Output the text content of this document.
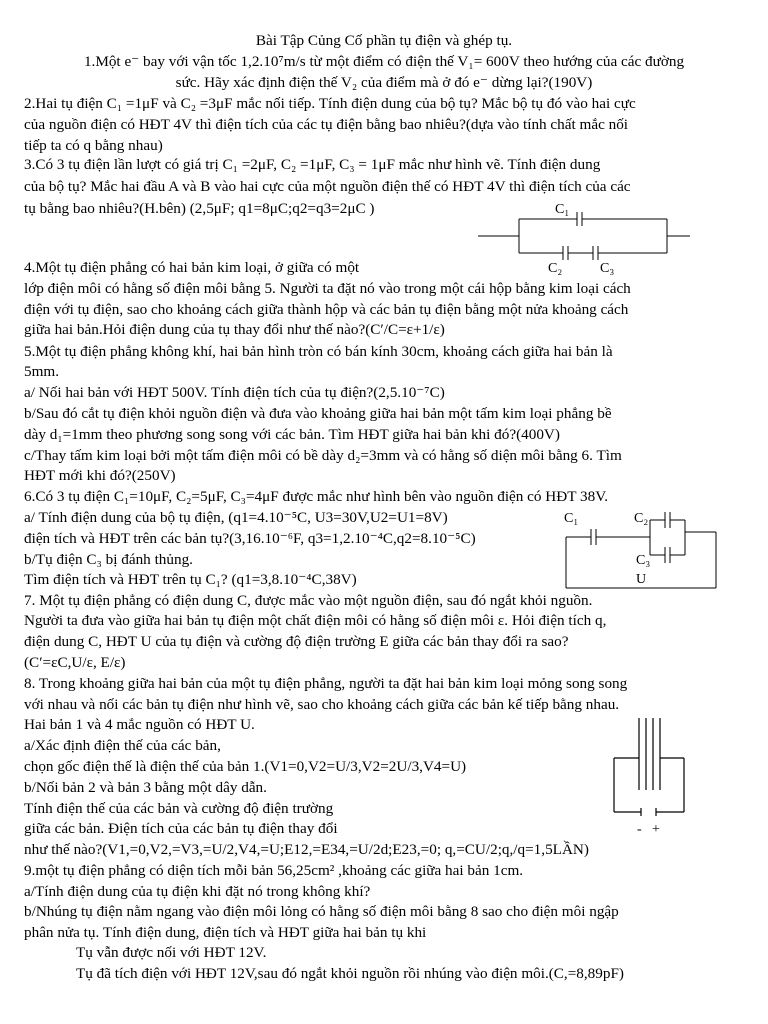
Bài Tập Củng Cố phần tụ điện và ghép tụ.
1.Một e⁻ bay với vận tốc 1,2.10⁷m/s từ một điểm có điện thế V₁= 600V theo hướng của các đường
sức. Hãy xác định điện thế V₂ của điểm mà ở đó e⁻ dừng lại?(190V)
2.Hai tụ điện C₁ =1μF và C₂ =3μF mắc nối tiếp. Tính điện dung của bộ tụ? Mắc bộ tụ đó vào hai cực
của nguồn điện có HĐT 4V thì điện tích của các tụ điện bằng bao nhiêu?(dựa vào tính chất mắc nối
tiếp ta có q bằng nhau)
3.Có 3 tụ điện lần lượt có giá trị C₁ =2μF, C₂ =1μF, C₃ = 1μF mắc như hình vẽ. Tính điện dung
của bộ tụ? Mắc hai đầu A và B vào hai cực của một nguồn điện thế có HĐT 4V thì điện tích của các
tụ bằng bao nhiêu?(H.bên) (2,5μF; q1=8μC;q2=q3=2μC )
4.Một tụ điện phẳng có hai bản kim loại, ở giữa có một
lớp điện môi có hằng số điện môi bằng 5. Người ta đặt nó vào trong một cái hộp bằng kim loại cách
điện với tụ điện, sao cho khoảng cách giữa thành hộp và các bản tụ điện bằng một nửa khoảng cách
giữa hai bản.Hỏi điện dung của tụ thay đổi như thế nào?(C′/C=ε+1/ε)
5.Một tụ điện phẳng không khí, hai bản hình tròn có bán kính 30cm, khoảng cách giữa hai bản là
5mm.
a/ Nối hai bản với HĐT 500V. Tính điện tích của tụ điện?(2,5.10⁻⁷C)
b/Sau đó cắt tụ điện khỏi nguồn điện và đưa vào khoảng giữa hai bản một tấm kim loại phẳng bề
dày d₁=1mm theo phương song song với các bản. Tìm HĐT giữa hai bản khi đó?(400V)
c/Thay tấm kim loại bởi một tấm điện môi có bề dày d₂=3mm và có hằng số diện môi bằng 6. Tìm
HĐT mới khi đó?(250V)
6.Có 3 tụ điện C₁=10μF, C₂=5μF, C₃=4μF được mắc như hình bên vào nguồn điện có HĐT 38V.
a/ Tính điện dung của bộ tụ điện, (q1=4.10⁻⁵C, U3=30V,U2=U1=8V)
điện tích và HĐT trên các bản tụ?(3,16.10⁻⁶F, q3=1,2.10⁻⁴C,q2=8.10⁻⁵C)
b/Tụ điện C₃ bị đánh thủng.
Tìm điện tích và HĐT trên tụ C₁? (q1=3,8.10⁻⁴C,38V)
7. Một tụ điện phẳng có điện dung C, được mắc vào một nguồn điện, sau đó ngắt khỏi nguồn.
Người ta đưa vào giữa hai bản tụ điện một chất điện môi có hằng số điện môi ε. Hỏi điện tích q,
điện dung C, HĐT U của tụ điện và cường độ điện trường E giữa các bản thay đổi ra sao?
(C′=εC,U/ε, E/ε)
8. Trong khoảng giữa hai bản của một tụ điện phẳng, người ta đặt hai bản kim loại mỏng song song
với nhau và nối các bản tụ điện như hình vẽ, sao cho khoảng cách giữa các bản kế tiếp bằng nhau.
Hai bản 1 và 4 mắc nguồn có HĐT U.
a/Xác định điện thế của các bản,
chọn gốc điện thế là điện thế của bản 1.(V1=0,V2=U/3,V2=2U/3,V4=U)
b/Nối bản 2 và bản 3 bằng một dây dẫn.
Tính điện thế của các bản và cường độ điện trường
giữa các bản. Điện tích của các bản tụ điện thay đổi
như thế nào?(V1,=0,V2,=V3,=U/2,V4,=U;E12,=E34,=U/2d;E23,=0; q,=CU/2;q,/q=1,5LẦN)
9.một tụ điện phẳng có diện tích mỗi bản 56,25cm² ,khoảng các giữa hai bản 1cm.
a/Tính điện dung của tụ điện khi đặt nó trong không khí?
b/Nhúng tụ điện nằm ngang vào điện môi lỏng có hằng số điện môi bằng 8 sao cho điện môi ngập
phân nửa tụ. Tính điện dung, điện tích và HĐT giữa hai bản tụ khi
Tụ vẫn được nối với HĐT 12V.
Tụ đã tích điện với HĐT 12V,sau đó ngắt khỏi nguồn rồi nhúng vào điện môi.(C,=8,89pF)
C₁
C₂	C₃
C₁	C₂
C₃
U
- +
